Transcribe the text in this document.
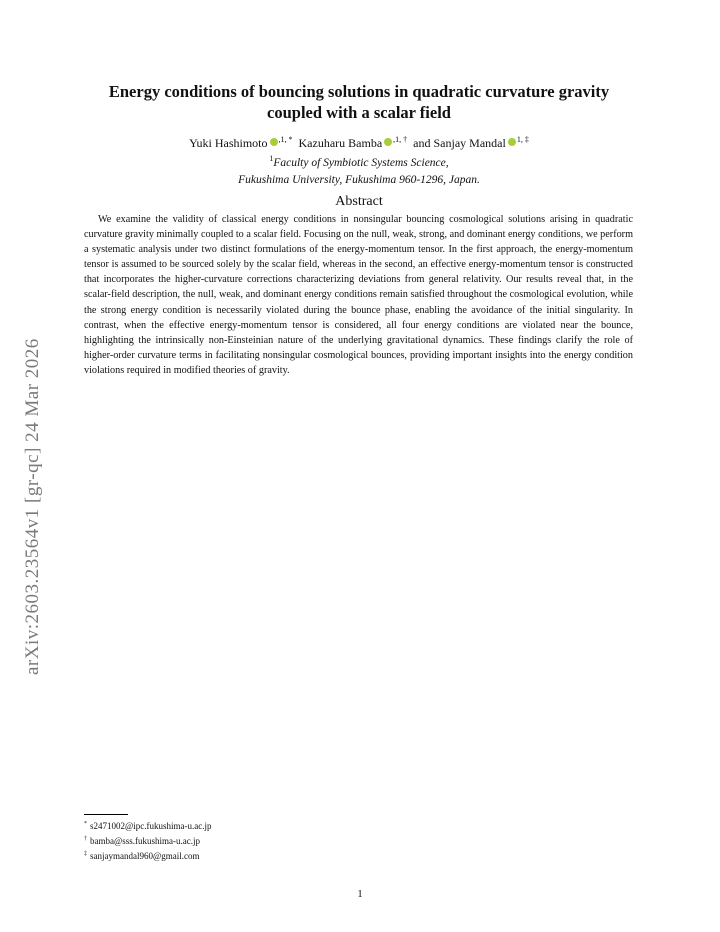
arXiv:2603.23564v1 [gr-qc] 24 Mar 2026
Energy conditions of bouncing solutions in quadratic curvature gravity coupled with a scalar field
Yuki Hashimoto $^{,1, *}$ Kazuharu Bamba $^{,1, \dagger}$ and Sanjay Mandal $^{1, \ddagger}$
$^1$Faculty of Symbiotic Systems Science,
Fukushima University, Fukushima 960-1296, Japan.
Abstract
We examine the validity of classical energy conditions in nonsingular bouncing cosmological solutions arising in quadratic curvature gravity minimally coupled to a scalar field. Focusing on the null, weak, strong, and dominant energy conditions, we perform a systematic analysis under two distinct formulations of the energy-momentum tensor. In the first approach, the energy-momentum tensor is assumed to be sourced solely by the scalar field, whereas in the second, an effective energy-momentum tensor is constructed that incorporates the higher-curvature corrections characterizing deviations from general relativity. Our results reveal that, in the scalar-field description, the null, weak, and dominant energy conditions remain satisfied throughout the cosmological evolution, while the strong energy condition is necessarily violated during the bounce phase, enabling the avoidance of the initial singularity. In contrast, when the effective energy-momentum tensor is considered, all four energy conditions are violated near the bounce, highlighting the intrinsically non-Einsteinian nature of the underlying gravitational dynamics. These findings clarify the role of higher-order curvature terms in facilitating nonsingular cosmological bounces, providing important insights into the energy condition violations required in modified theories of gravity.
* s2471002@ipc.fukushima-u.ac.jp
† bamba@sss.fukushima-u.ac.jp
‡ sanjaymandal960@gmail.com
1
